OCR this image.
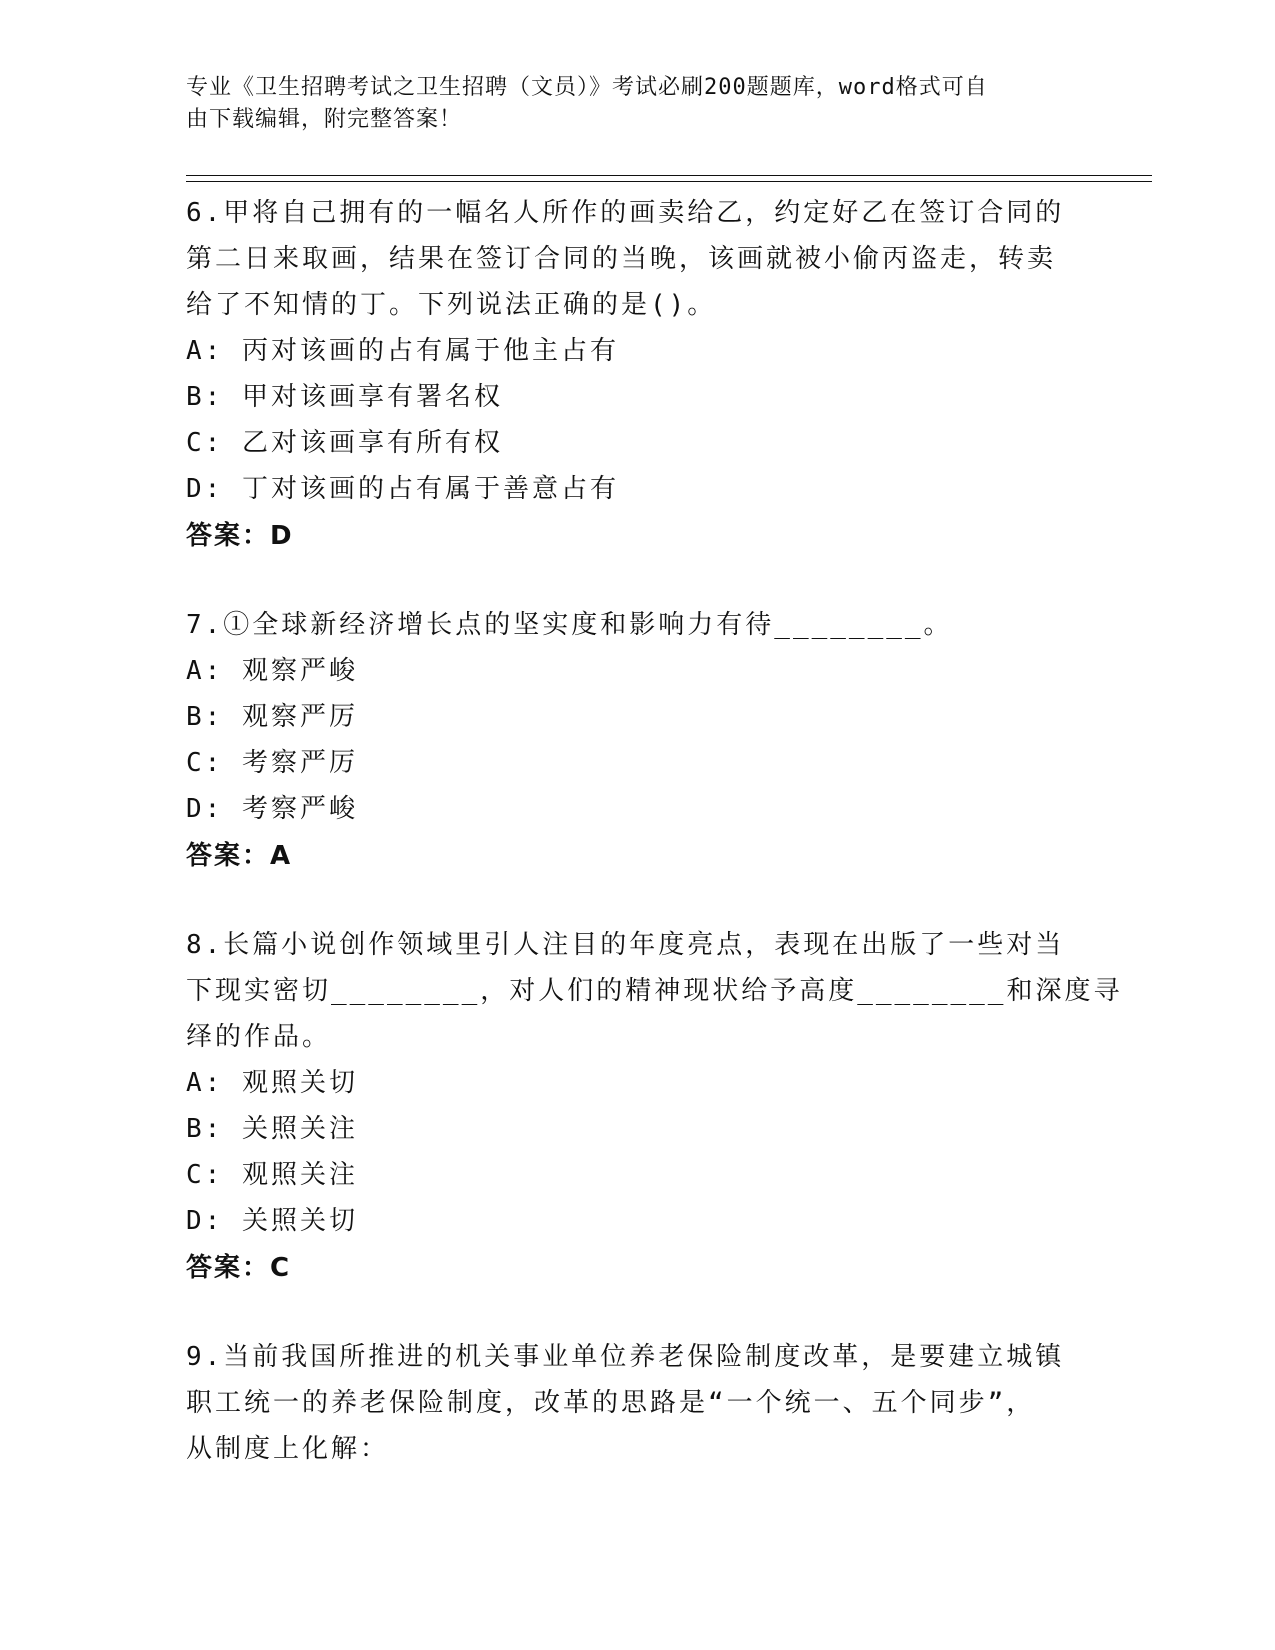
专业《卫生招聘考试之卫生招聘（文员）》考试必刷200题题库，word格式可自
由下载编辑，附完整答案！
6.甲将自己拥有的一幅名人所作的画卖给乙，约定好乙在签订合同的
第二日来取画，结果在签订合同的当晚，该画就被小偷丙盗走，转卖
给了不知情的丁。下列说法正确的是()。
A: 丙对该画的占有属于他主占有
B: 甲对该画享有署名权
C: 乙对该画享有所有权
D: 丁对该画的占有属于善意占有
答案：D
7.①全球新经济增长点的坚实度和影响力有待________。
A: 观察严峻
B: 观察严厉
C: 考察严厉
D: 考察严峻
答案：A
8.长篇小说创作领域里引人注目的年度亮点，表现在出版了一些对当
下现实密切________，对人们的精神现状给予高度________和深度寻
绎的作品。
A: 观照关切
B: 关照关注
C: 观照关注
D: 关照关切
答案：C
9.当前我国所推进的机关事业单位养老保险制度改革，是要建立城镇
职工统一的养老保险制度，改革的思路是“一个统一、五个同步”，
从制度上化解：
